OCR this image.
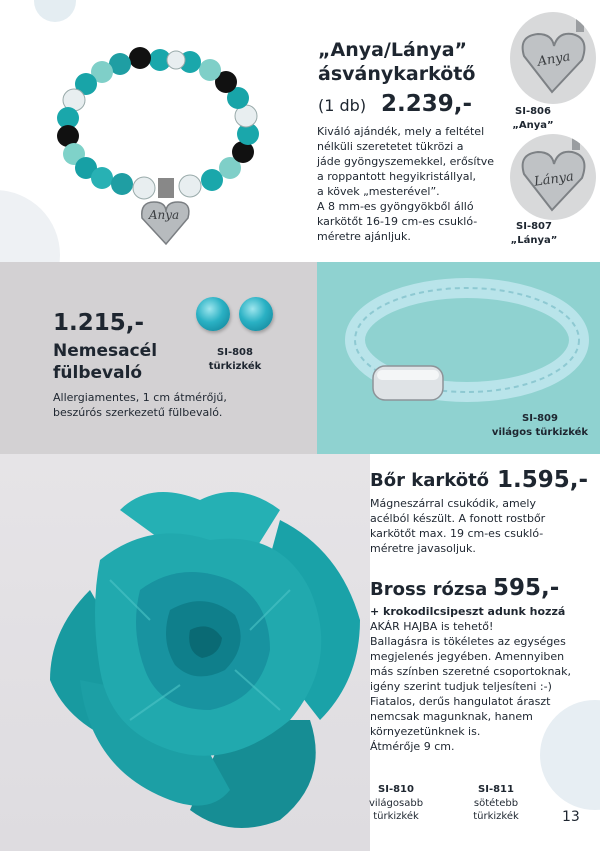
Anya
„Anya/Lánya”
ásványkarkötő
(1 db) 2.239,-
Kiváló ajándék, mely a feltétel
nélküli szeretetet tükrözi a
jáde gyöngyszemekkel, erősítve
a roppantott hegyikristállyal,
a kövek „mesterével”.
A 8 mm-es gyöngyökből álló
karkötőt 16-19 cm-es csukló-
méretre ajánljuk.
Anya
SI-806
„Anya”
Lánya
SI-807
„Lánya”
1.215,-
Nemesacél
fülbevaló
Allergiamentes, 1 cm átmérőjű,
beszúrós szerkezetű fülbevaló.
SI-808
türkizkék
SI-809
világos türkizkék
Bőr karkötő 1.595,-
Mágneszárral csukódik, amely
acélból készült. A fonott rostbőr
karkötőt max. 19 cm-es csukló-
méretre javasoljuk.
Bross rózsa 595,-
+ krokodilcsipeszt adunk hozzá
AKÁR HAJBA is tehető!
Ballagásra is tökéletes az egységes
megjelenés jegyében. Amennyiben
más színben szeretné csoportoknak,
igény szerint tudjuk teljesíteni :-)
Fiatalos, derűs hangulatot áraszt
nemcsak magunknak, hanem
környezetünknek is.
Átmérője 9 cm.
SI-810
világosabb
türkizkék
SI-811
sötétebb
türkizkék	13
